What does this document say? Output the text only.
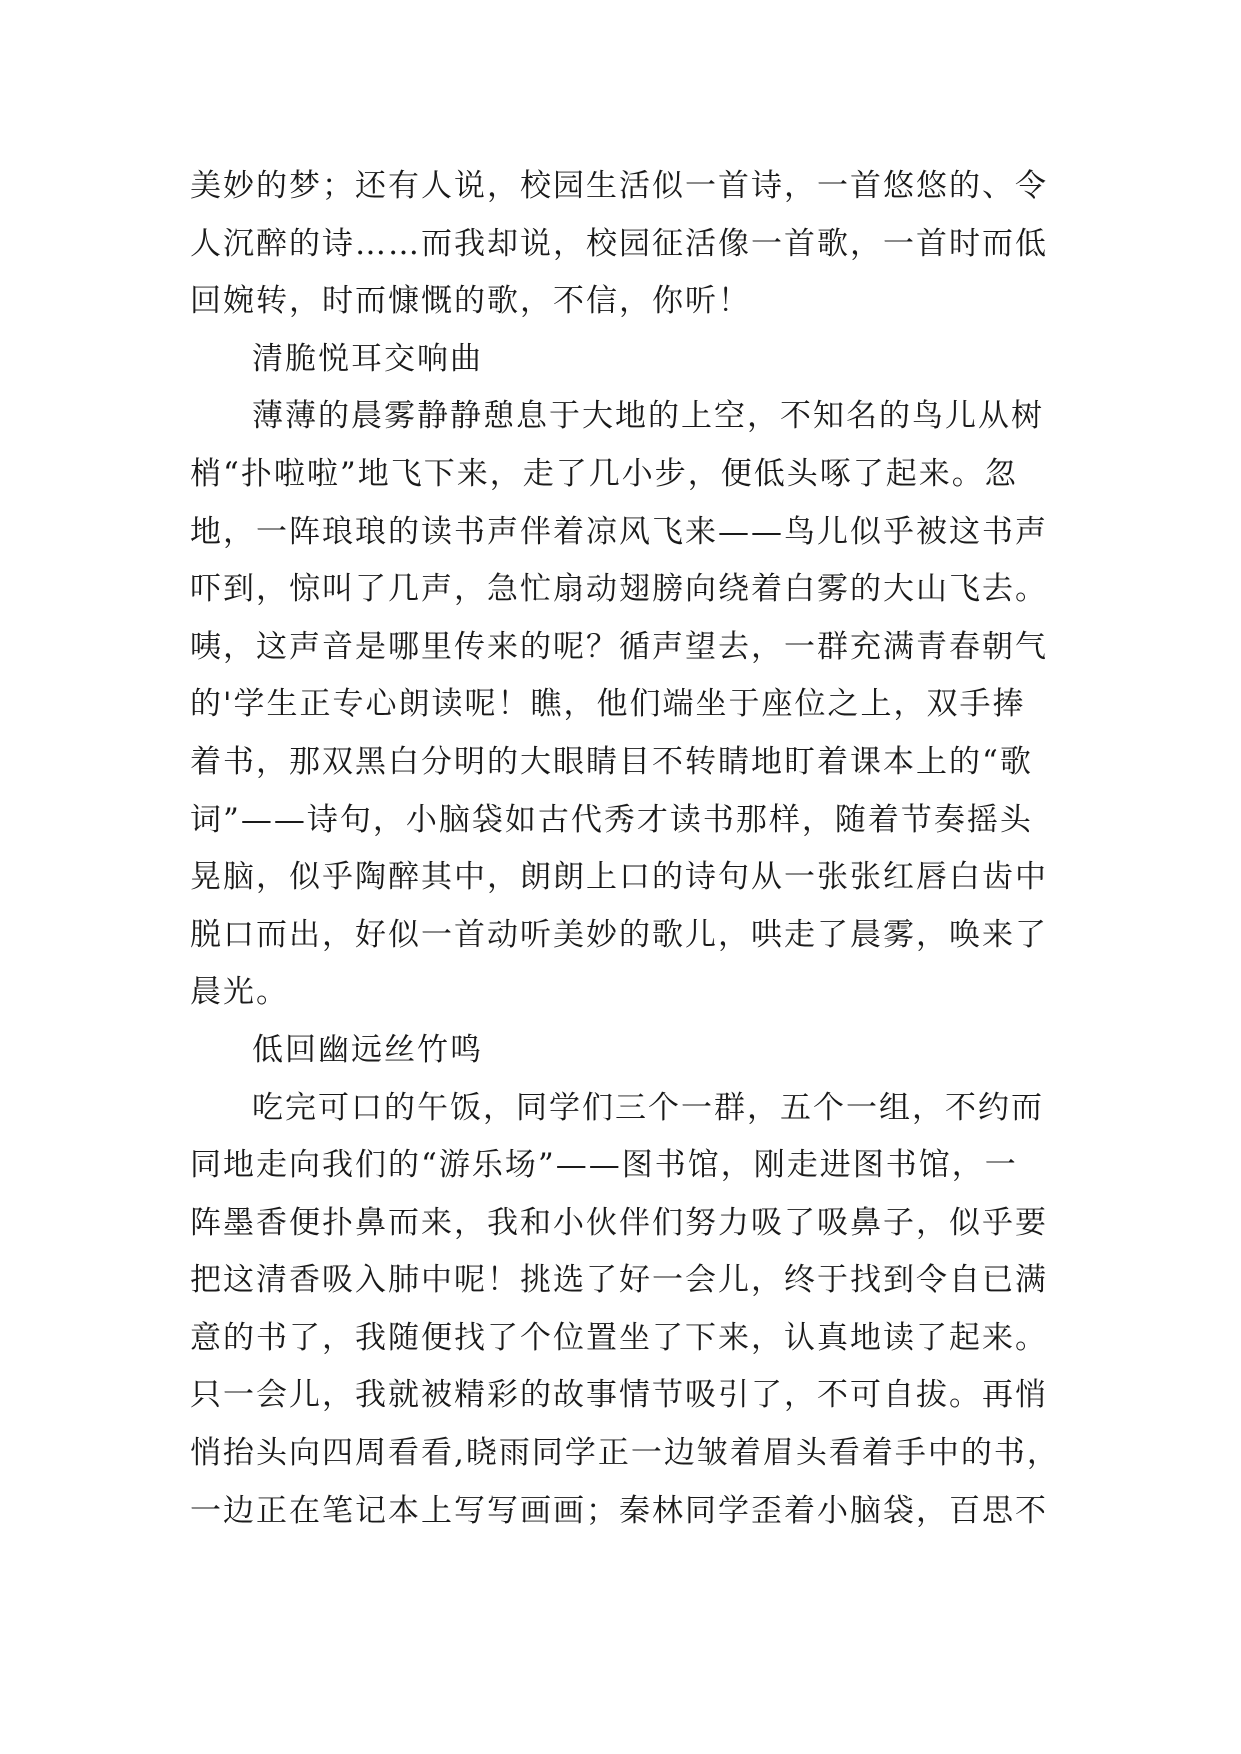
美妙的梦；还有人说，校园生活似一首诗，一首悠悠的、令
人沉醉的诗……而我却说，校园征活像一首歌，一首时而低
回婉转，时而慷慨的歌，不信，你听！
清脆悦耳交响曲
薄薄的晨雾静静憩息于大地的上空，不知名的鸟儿从树
梢“扑啦啦”地飞下来，走了几小步，便低头啄了起来。忽
地，一阵琅琅的读书声伴着凉风飞来——鸟儿似乎被这书声
吓到，惊叫了几声，急忙扇动翅膀向绕着白雾的大山飞去。
咦，这声音是哪里传来的呢？循声望去，一群充满青春朝气
的'学生正专心朗读呢！瞧，他们端坐于座位之上，双手捧
着书，那双黑白分明的大眼睛目不转睛地盯着课本上的“歌
词”——诗句，小脑袋如古代秀才读书那样，随着节奏摇头
晃脑，似乎陶醉其中，朗朗上口的诗句从一张张红唇白齿中
脱口而出，好似一首动听美妙的歌儿，哄走了晨雾，唤来了
晨光。
低回幽远丝竹鸣
吃完可口的午饭，同学们三个一群，五个一组，不约而
同地走向我们的“游乐场”——图书馆，刚走进图书馆，一
阵墨香便扑鼻而来，我和小伙伴们努力吸了吸鼻子，似乎要
把这清香吸入肺中呢！挑选了好一会儿，终于找到令自已满
意的书了，我随便找了个位置坐了下来，认真地读了起来。
只一会儿，我就被精彩的故事情节吸引了，不可自拔。再悄
悄抬头向四周看看,晓雨同学正一边皱着眉头看着手中的书，
一边正在笔记本上写写画画；秦林同学歪着小脑袋，百思不
